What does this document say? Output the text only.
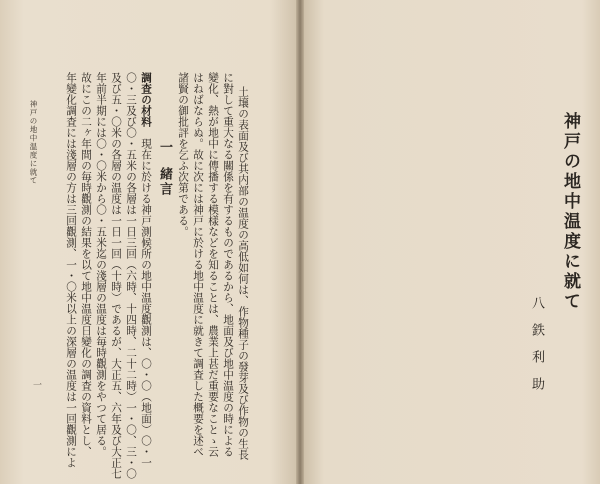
土壌の表面及び其内部の温度の高低如何は、作物種子の發芽及び作物の生長
に對して重大なる關係を有するものであるから、地面及び地中温度の時による
變化、熱が地中に傳播する模樣などを知ることは、農業上甚だ重要なことゝ云
はねばならぬ。故に次には神戸に於ける地中温度に就きて調査した概要を述べ
諸賢の御批評を乞ふ次第である。
一緒言
調査の材料　現在に於ける神戸測候所の地中温度觀測は、〇・〇（地面）〇・一
〇・三及び〇・五米の各層は一日三回（六時、十四時、二十二時）一・〇、三・〇
及び五・〇米の各層の温度は一日一回（十時）であるが、大正五、六年及び大正七
年前半期には〇・〇米から〇・五米迄の淺層の温度は毎時觀測をやつて居る。
故にこの二ヶ年間の毎時觀測の結果を以て地中温度日變化の調査の資料とし、
年變化調査には淺層の方は三回觀測、一・〇米以上の深層の温度は一回觀測によ
神戸の地中温度に就て
一
神戸の地中温度に就て
八鉄利助
